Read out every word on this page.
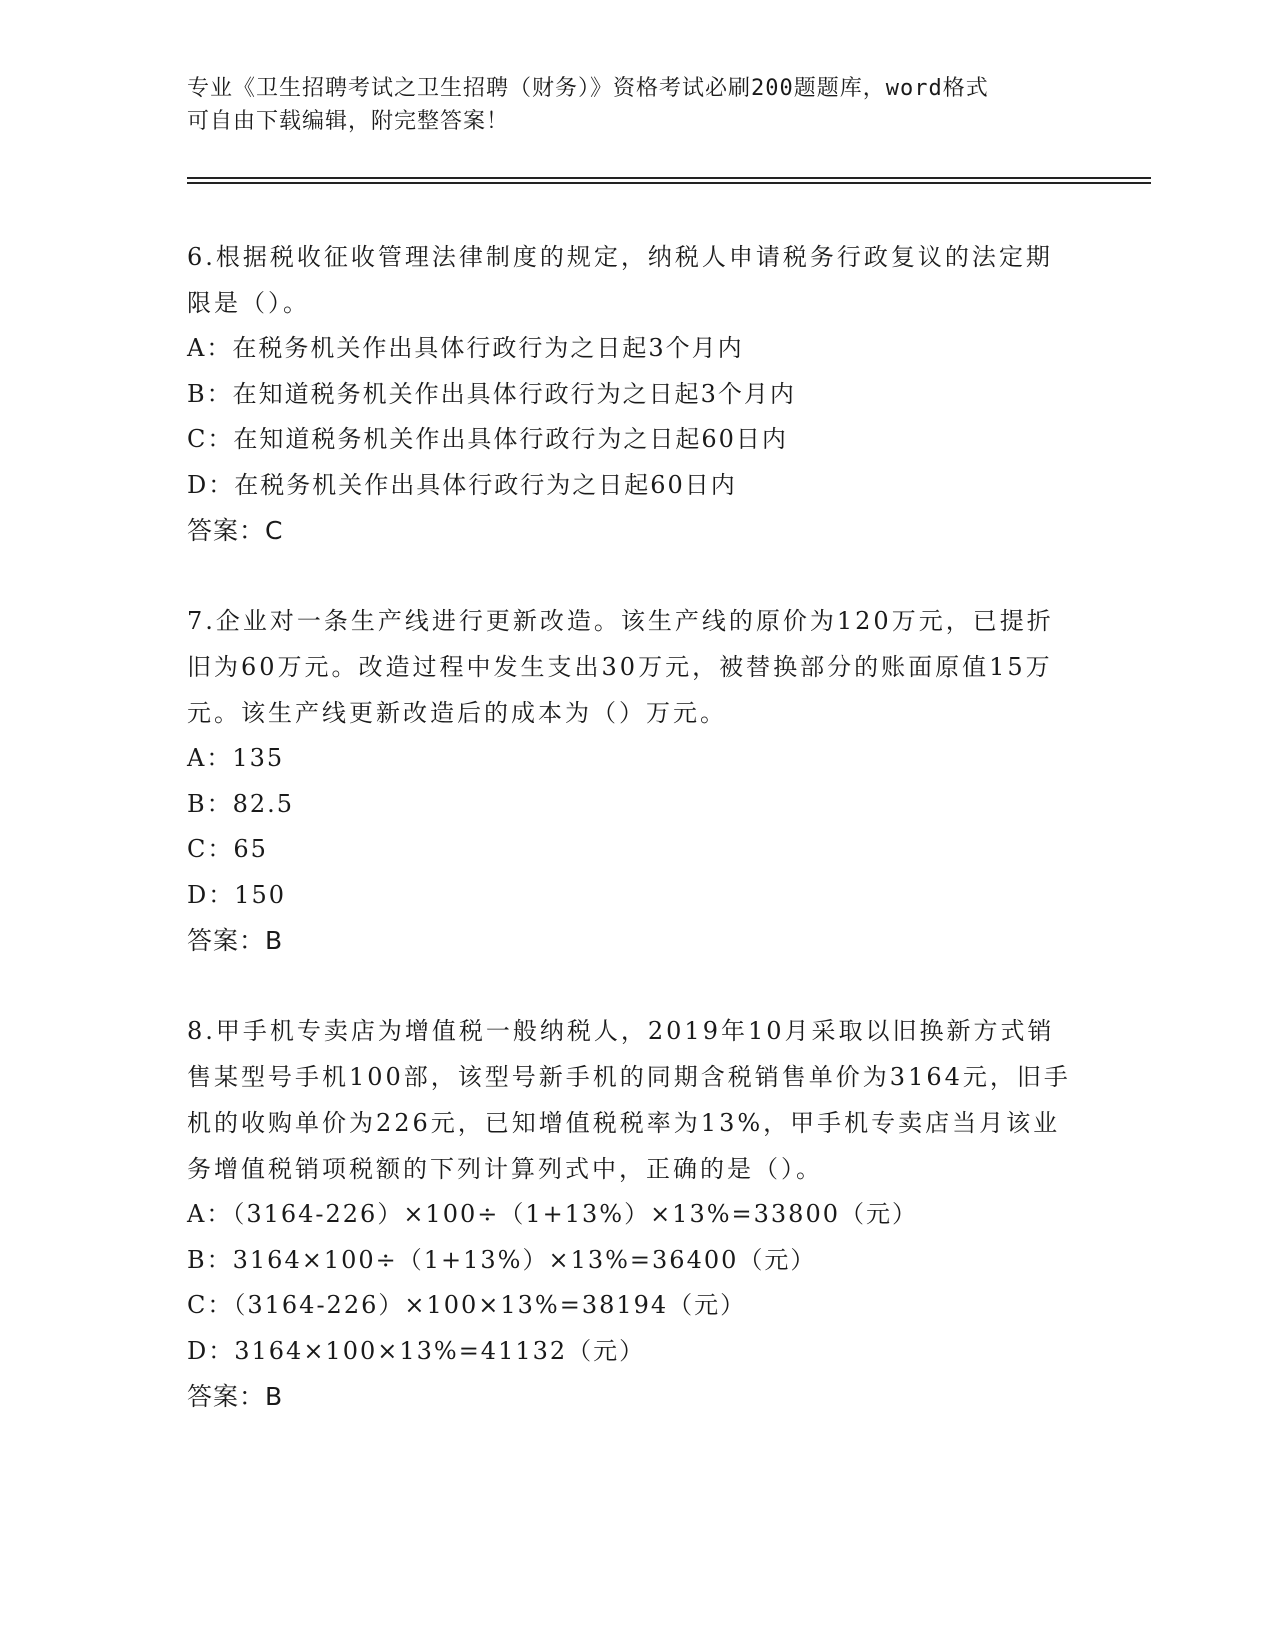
专业《卫生招聘考试之卫生招聘（财务）》资格考试必刷200题题库，word格式
可自由下载编辑，附完整答案！

6.根据税收征收管理法律制度的规定，纳税人申请税务行政复议的法定期限是（）。

A：在税务机关作出具体行政行为之日起3个月内

B：在知道税务机关作出具体行政行为之日起3个月内

C：在知道税务机关作出具体行政行为之日起60日内

D：在税务机关作出具体行政行为之日起60日内

答案：C

7.企业对一条生产线进行更新改造。该生产线的原价为120万元，已提折旧为60万元。改造过程中发生支出30万元，被替换部分的账面原值15万元。该生产线更新改造后的成本为（）万元。

A：135

B：82.5

C：65

D：150

答案：B

8.甲手机专卖店为增值税一般纳税人，2019年10月采取以旧换新方式销售某型号手机100部，该型号新手机的同期含税销售单价为3164元，旧手机的收购单价为226元，已知增值税税率为13%，甲手机专卖店当月该业务增值税销项税额的下列计算列式中，正确的是（）。

A：（3164-226）×100÷（1+13%）×13%=33800（元）

B：3164×100÷（1+13%）×13%=36400（元）

C：（3164-226）×100×13%=38194（元）

D：3164×100×13%=41132（元）

答案：B
